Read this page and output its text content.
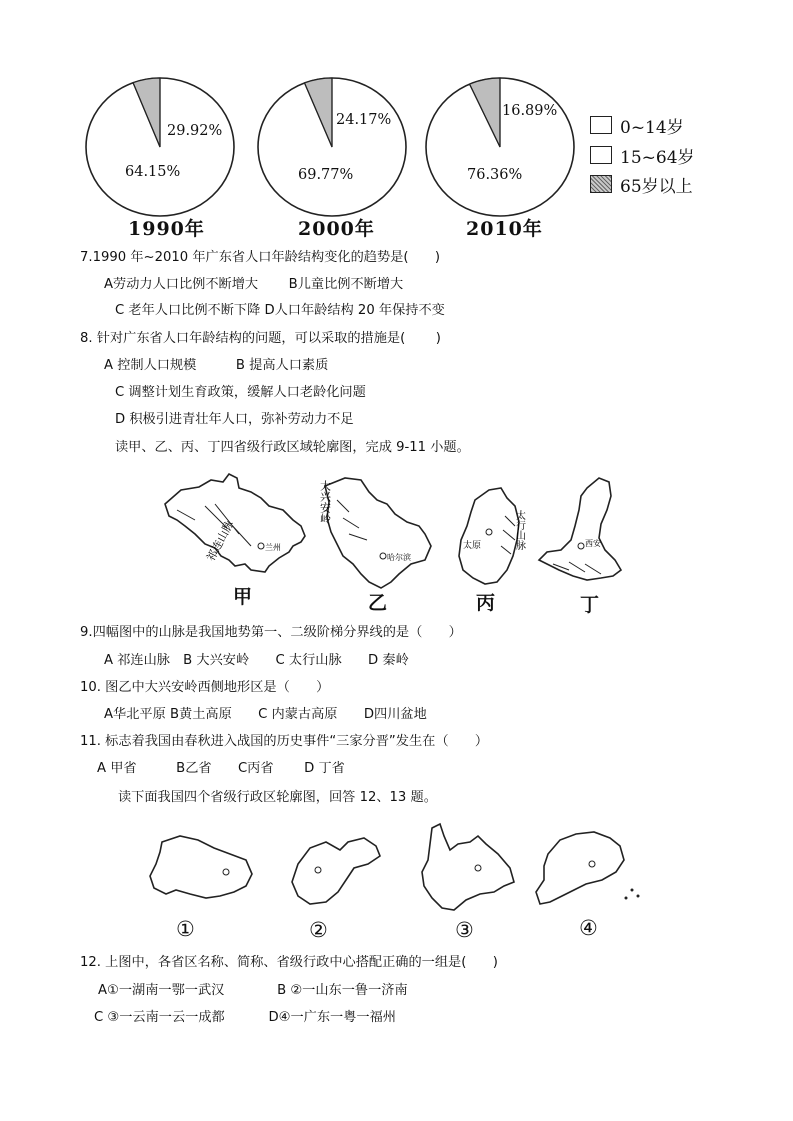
29.92%
64.15%
1990年
24.17%
69.77%
2000年
16.89%
76.36%
2010年
0~14岁
15~64岁
65岁以上
7.1990 年~2010 年广东省人口年龄结构变化的趋势是(　　)
A劳动力人口比例不断增大　　 B儿童比例不断增大
C 老年人口比例不断下降 D人口年龄结构 20 年保持不变
8. 针对广东省人口年龄结构的问题，可以采取的措施是(　　 )
A 控制人口规模　　　B 提高人口素质
C 调整计划生育政策，缓解人口老龄化问题
D 积极引进青壮年人口，弥补劳动力不足
读甲、乙、丙、丁四省级行政区域轮廓图，完成 9-11 小题。
祁连山脉	兰州
大兴安岭
哈尔滨
太原	太行山脉	西安
甲	乙	丙	丁
9.四幅图中的山脉是我国地势第一、二级阶梯分界线的是（　　）
A 祁连山脉　B 大兴安岭　　C 太行山脉　　D 秦岭
10. 图乙中大兴安岭西侧地形区是（　　）
A华北平原 B黄土高原　　C 内蒙古高原　　D四川盆地
11. 标志着我国由春秋进入战国的历史事件“三家分晋”发生在（　　）
A 甲省　　　B乙省　　C丙省　　 D 丁省
读下面我国四个省级行政区轮廓图，回答 12、13 题。
①	②	③	④
12. 上图中，各省区名称、简称、省级行政中心搭配正确的一组是(　　)
A①一湖南一鄂一武汉　　　　B ②一山东一鲁一济南
C ③一云南一云一成都　　　 D④一广东一粤一福州
